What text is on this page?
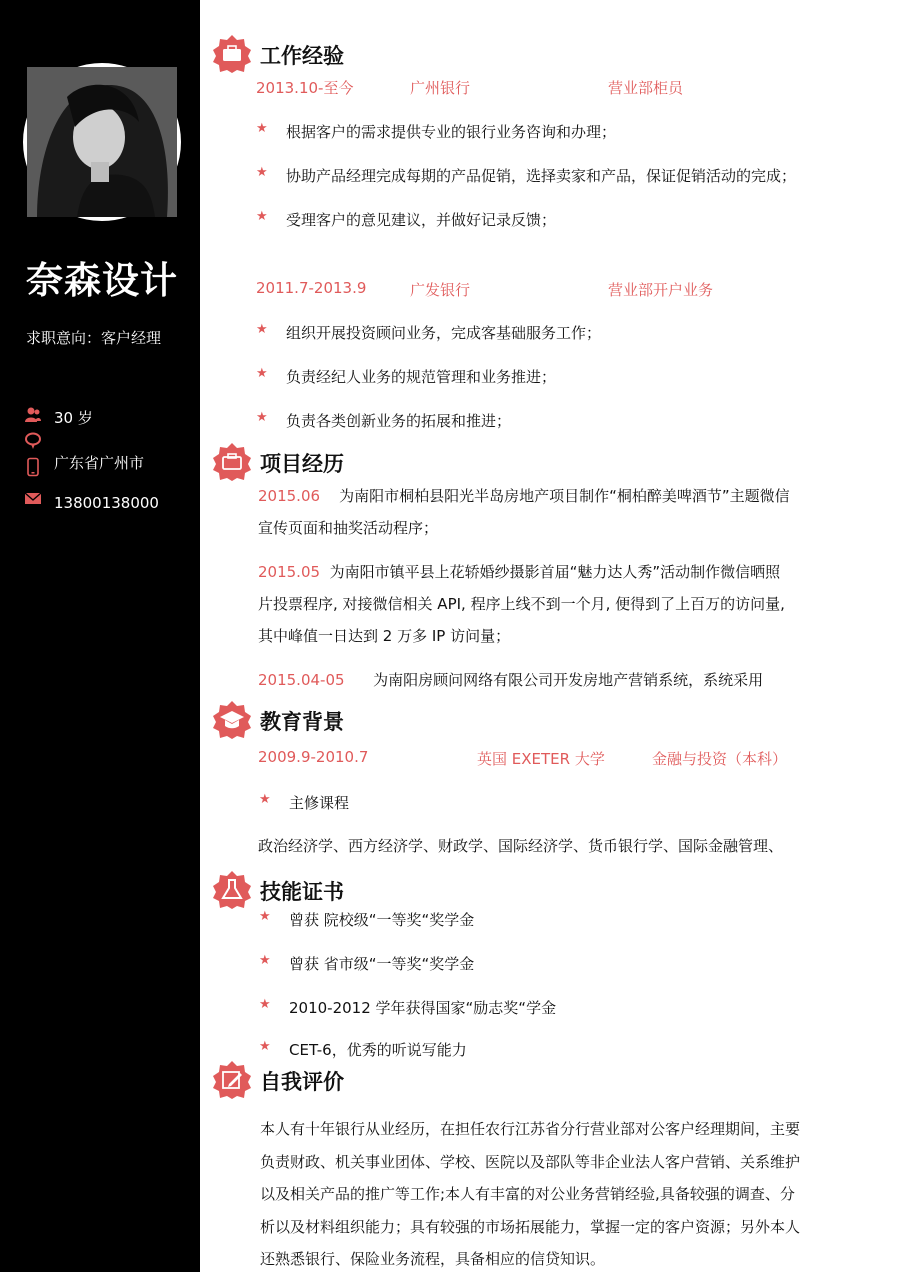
奈森设计
求职意向：客户经理
30 岁
广东省广州市
13800138000
工作经验
2013.10-至今	广州银行	营业部柜员
★ 根据客户的需求提供专业的银行业务咨询和办理；
★ 协助产品经理完成每期的产品促销，选择卖家和产品，保证促销活动的完成；
★ 受理客户的意见建议，并做好记录反馈；
2011.7-2013.9	广发银行	营业部开户业务
★ 组织开展投资顾问业务，完成客基础服务工作；
★ 负责经纪人业务的规范管理和业务推进；
★ 负责各类创新业务的拓展和推进；
项目经历
2015.06 为南阳市桐柏县阳光半岛房地产项目制作“桐柏醉美啤酒节”主题微信
宣传页面和抽奖活动程序；
2015.05 为南阳市镇平县上花轿婚纱摄影首届“魅力达人秀”活动制作微信晒照
片投票程序, 对接微信相关 API, 程序上线不到一个月, 便得到了上百万的访问量,
其中峰值一日达到 2 万多 IP 访问量；
2015.04-05 为南阳房顾问网络有限公司开发房地产营销系统，系统采用
教育背景
2009.9-2010.7	英国 EXETER 大学	金融与投资（本科）
★ 主修课程
政治经济学、西方经济学、财政学、国际经济学、货币银行学、国际金融管理、
技能证书
★ 曾获 院校级“一等奖“奖学金
★ 曾获 省市级“一等奖“奖学金
★ 2010-2012 学年获得国家“励志奖“学金
★ CET-6，优秀的听说写能力
自我评价
本人有十年银行从业经历，在担任农行江苏省分行营业部对公客户经理期间，主要
负责财政、机关事业团体、学校、医院以及部队等非企业法人客户营销、关系维护
以及相关产品的推广等工作;本人有丰富的对公业务营销经验,具备较强的调查、分
析以及材料组织能力；具有较强的市场拓展能力，掌握一定的客户资源；另外本人
还熟悉银行、保险业务流程，具备相应的信贷知识。
